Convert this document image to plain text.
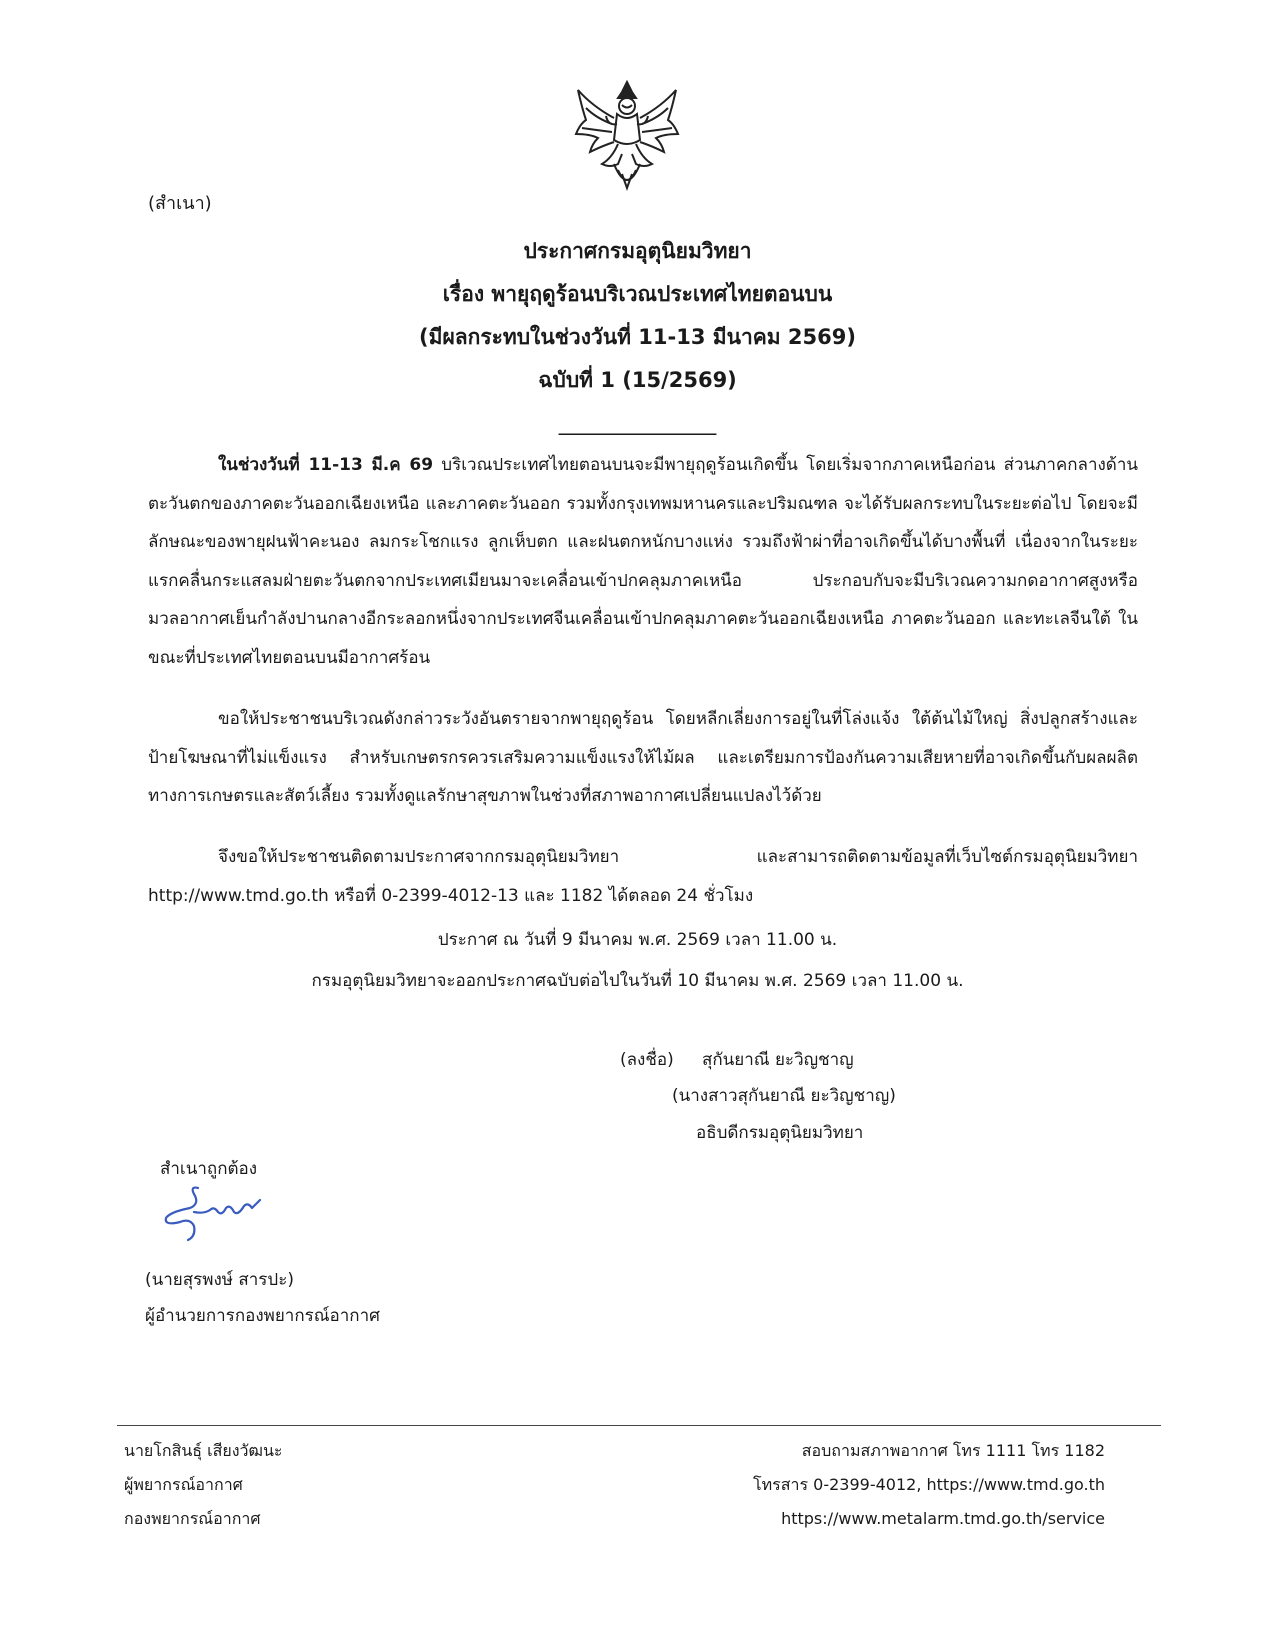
(สำเนา)
ประกาศกรมอุตุนิยมวิทยา
เรื่อง พายุฤดูร้อนบริเวณประเทศไทยตอนบน
(มีผลกระทบในช่วงวันที่ 11-13 มีนาคม 2569)
ฉบับที่ 1 (15/2569)
_______________

ในช่วงวันที่ 11-13 มี.ค 69 บริเวณประเทศไทยตอนบนจะมีพายุฤดูร้อนเกิดขึ้น โดยเริ่มจากภาคเหนือก่อน ส่วนภาคกลางด้านตะวันตกของภาคตะวันออกเฉียงเหนือ และภาคตะวันออก รวมทั้งกรุงเทพมหานครและปริมณฑล จะได้รับผลกระทบในระยะต่อไป โดยจะมีลักษณะของพายุฝนฟ้าคะนอง ลมกระโชกแรง ลูกเห็บตก และฝนตกหนักบางแห่ง รวมถึงฟ้าผ่าที่อาจเกิดขึ้นได้บางพื้นที่ เนื่องจากในระยะแรกคลื่นกระแสลมฝ่ายตะวันตกจากประเทศเมียนมาจะเคลื่อนเข้าปกคลุมภาคเหนือ ประกอบกับจะมีบริเวณความกดอากาศสูงหรือมวลอากาศเย็นกำลังปานกลางอีกระลอกหนึ่งจากประเทศจีนเคลื่อนเข้าปกคลุมภาคตะวันออกเฉียงเหนือ ภาคตะวันออก และทะเลจีนใต้ ในขณะที่ประเทศไทยตอนบนมีอากาศร้อน

ขอให้ประชาชนบริเวณดังกล่าวระวังอันตรายจากพายุฤดูร้อน โดยหลีกเลี่ยงการอยู่ในที่โล่งแจ้ง ใต้ต้นไม้ใหญ่ สิ่งปลูกสร้างและป้ายโฆษณาที่ไม่แข็งแรง สำหรับเกษตรกรควรเสริมความแข็งแรงให้ไม้ผล และเตรียมการป้องกันความเสียหายที่อาจเกิดขึ้นกับผลผลิตทางการเกษตรและสัตว์เลี้ยง รวมทั้งดูแลรักษาสุขภาพในช่วงที่สภาพอากาศเปลี่ยนแปลงไว้ด้วย

จึงขอให้ประชาชนติดตามประกาศจากกรมอุตุนิยมวิทยา และสามารถติดตามข้อมูลที่เว็บไซต์กรมอุตุนิยมวิทยา http://www.tmd.go.th หรือที่ 0-2399-4012-13 และ 1182 ได้ตลอด 24 ชั่วโมง

ประกาศ ณ วันที่ 9 มีนาคม พ.ศ. 2569 เวลา 11.00 น.
กรมอุตุนิยมวิทยาจะออกประกาศฉบับต่อไปในวันที่ 10 มีนาคม พ.ศ. 2569 เวลา 11.00 น.
(ลงชื่อ) สุกันยาณี ยะวิญชาญ
(นางสาวสุกันยาณี ยะวิญชาญ)
อธิบดีกรมอุตุนิยมวิทยา
สำเนาถูกต้อง
(นายสุรพงษ์ สารปะ)
ผู้อำนวยการกองพยากรณ์อากาศ
นายโกสินธุ์ เสียงวัฒนะ
ผู้พยากรณ์อากาศ
กองพยากรณ์อากาศ
สอบถามสภาพอากาศ โทร 1111 โทร 1182
โทรสาร 0-2399-4012, https://www.tmd.go.th
https://www.metalarm.tmd.go.th/service
